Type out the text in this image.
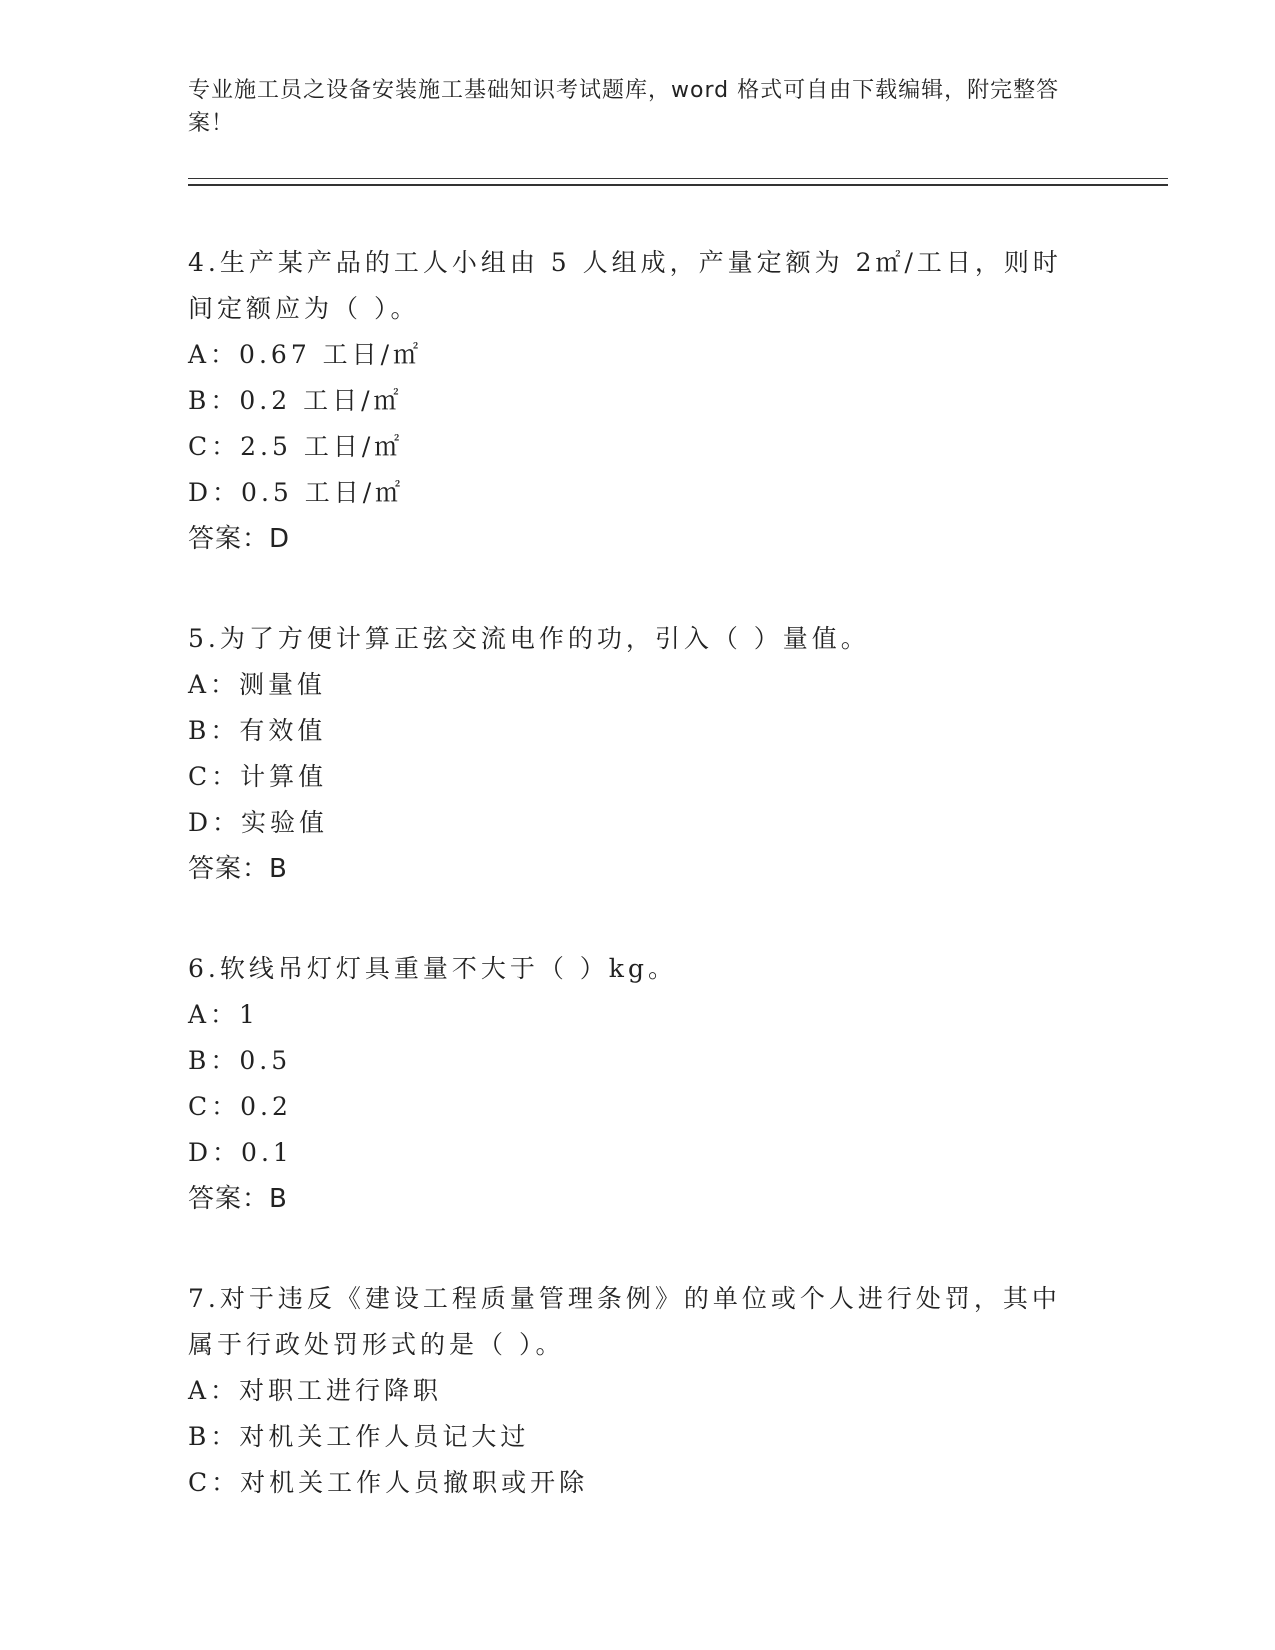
专业施工员之设备安装施工基础知识考试题库，word 格式可自由下载编辑，附完整答案！
4.生产某产品的工人小组由 5 人组成，产量定额为 2㎡/工日，则时间定额应为（ ）。
A：0.67 工日/㎡
B：0.2 工日/㎡
C：2.5 工日/㎡
D：0.5 工日/㎡
答案：D
5.为了方便计算正弦交流电作的功，引入（ ）量值。
A：测量值
B：有效值
C：计算值
D：实验值
答案：B
6.软线吊灯灯具重量不大于（ ）kg。
A：1
B：0.5
C：0.2
D：0.1
答案：B
7.对于违反《建设工程质量管理条例》的单位或个人进行处罚，其中属于行政处罚形式的是（ ）。
A：对职工进行降职
B：对机关工作人员记大过
C：对机关工作人员撤职或开除
